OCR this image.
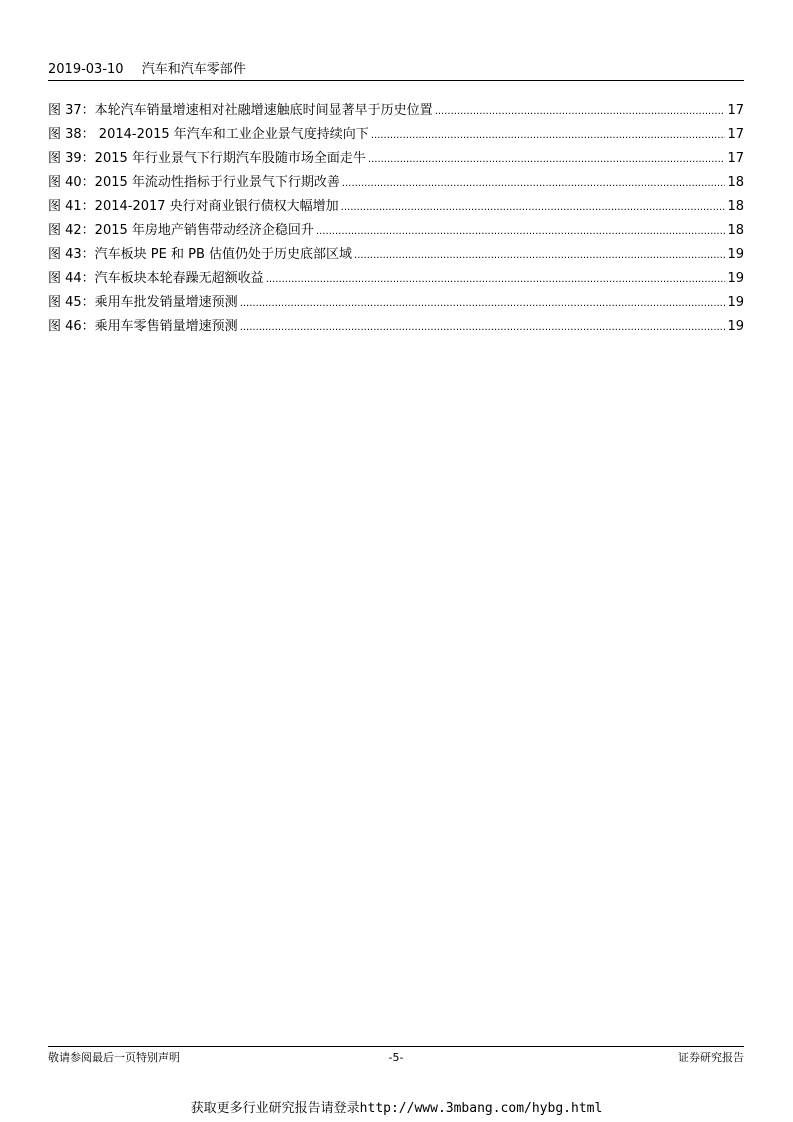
2019-03-10 汽车和汽车零部件
图 37：本轮汽车销量增速相对社融增速触底时间显著早于历史位置 .....	17
图 38： 2014-2015 年汽车和工业企业景气度持续向下 .....	17
图 39：2015 年行业景气下行期汽车股随市场全面走牛 .....	17
图 40：2015 年流动性指标于行业景气下行期改善 .....	18
图 41：2014-2017 央行对商业银行债权大幅增加 .....	18
图 42：2015 年房地产销售带动经济企稳回升 .....	18
图 43：汽车板块 PE 和 PB 估值仍处于历史底部区域 .....	19
图 44：汽车板块本轮春躁无超额收益 .....	19
图 45：乘用车批发销量增速预测 .....	19
图 46：乘用车零售销量增速预测 .....	19
敬请参阅最后一页特别声明	-5-	证券研究报告
获取更多行业研究报告请登录http://www.3mbang.com/hybg.html
